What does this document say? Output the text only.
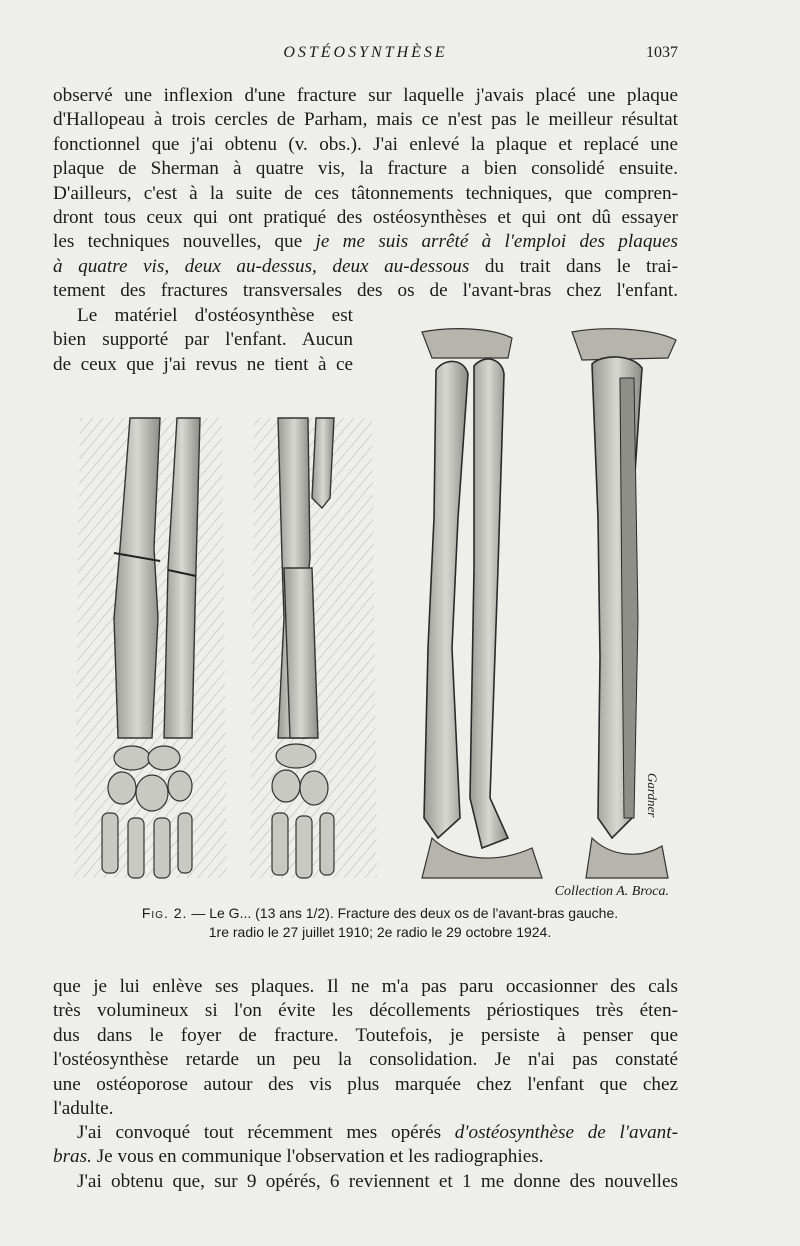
OSTÉOSYNTHÈSE	1037
observé une inflexion d'une fracture sur laquelle j'avais placé une plaque
d'Hallopeau à trois cercles de Parham, mais ce n'est pas le meilleur résultat
fonctionnel que j'ai obtenu (v. obs.). J'ai enlevé la plaque et replacé une
plaque de Sherman à quatre vis, la fracture a bien consolidé ensuite.
D'ailleurs, c'est à la suite de ces tâtonnements techniques, que compren-
dront tous ceux qui ont pratiqué des ostéosynthèses et qui ont dû essayer
les techniques nouvelles, que je me suis arrêté à l'emploi des plaques
à quatre vis, deux au-dessus, deux au-dessous du trait dans le trai-
tement des fractures transversales des os de l'avant-bras chez l'enfant.
Le matériel d'ostéosynthèse est
bien supporté par l'enfant. Aucun
de ceux que j'ai revus ne tient à ce
Gardner
Collection A. Broca.
Fig. 2. — Le G... (13 ans 1/2). Fracture des deux os de l'avant-bras gauche.
1re radio le 27 juillet 1910; 2e radio le 29 octobre 1924.
que je lui enlève ses plaques. Il ne m'a pas paru occasionner des cals
très volumineux si l'on évite les décollements périostiques très éten-
dus dans le foyer de fracture. Toutefois, je persiste à penser que
l'ostéosynthèse retarde un peu la consolidation. Je n'ai pas constaté
une ostéoporose autour des vis plus marquée chez l'enfant que chez
l'adulte.
J'ai convoqué tout récemment mes opérés d'ostéosynthèse de l'avant-
bras. Je vous en communique l'observation et les radiographies.
J'ai obtenu que, sur 9 opérés, 6 reviennent et 1 me donne des nouvelles
